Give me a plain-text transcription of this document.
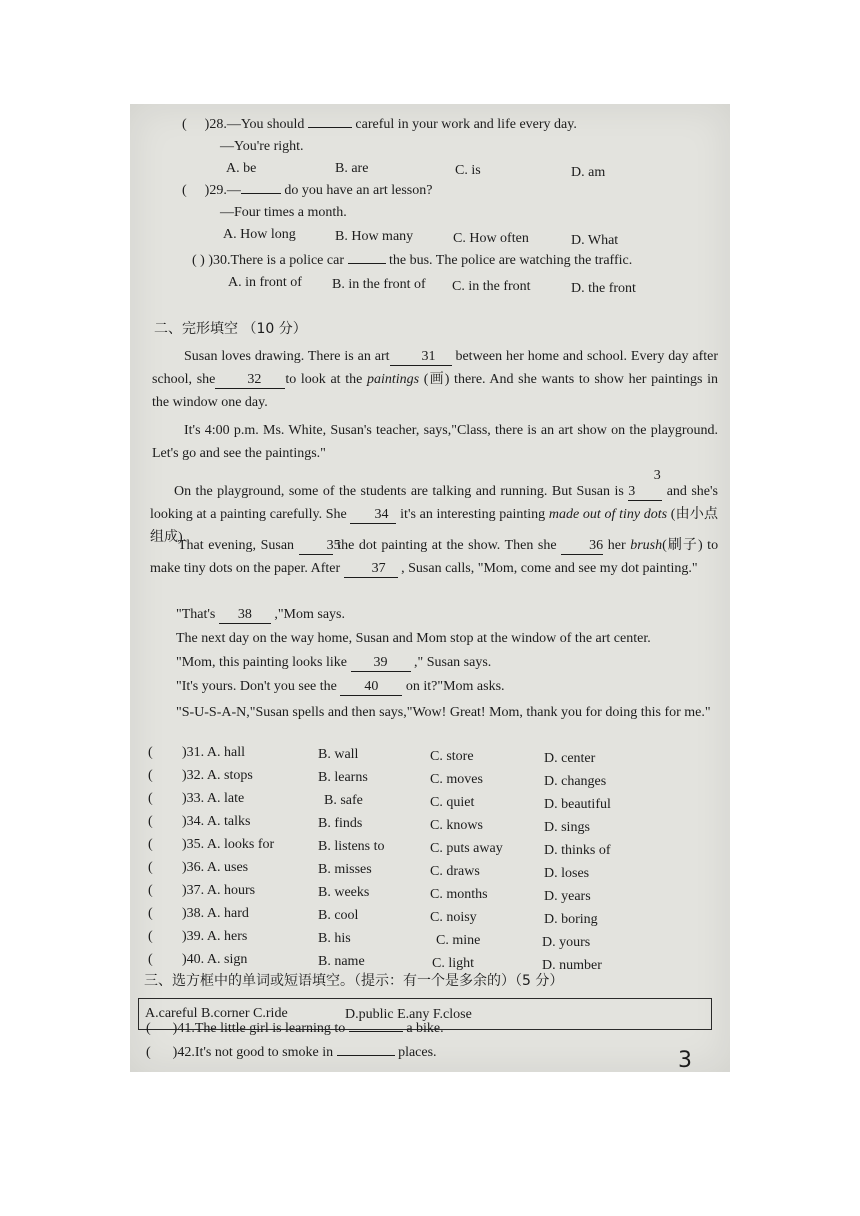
( )28.—You should	careful in your work and life every day.
—You're right.
A. be	B. are	C. is	D. am
( )29.—	do you have an art lesson?
—Four times a month.
A. How long	B. How many	C. How often	D. What
( ) )30.There is a police car	the bus. The police are watching the traffic.
A. in front of B. in the front of C. in the front	D. the front
二、完形填空 （10 分）
Susan loves drawing. There is an art 31 between her home and school. Every day after school, she 32 to look at the paintings (画) there. And she wants to show her paintings in the window one day.
It's 4:00 p.m. Ms. White, Susan's teacher, says,"Class, there is an art show on the playground. Let's go and see the paintings."
On the playground, some of the students are talking and running. But Susan is 3 3 and she's looking at a painting carefully. She 34 it's an interesting painting made out of tiny dots (由小点组成).
That evening, Susan 35 the dot painting at the show. Then she 36 her brush(刷子) to make tiny dots on the paper. After 37 , Susan calls, "Mom, come and see my dot painting."
"That's 38 ,"Mom says.
The next day on the way home, Susan and Mom stop at the window of the art center.
"Mom, this painting looks like 39 ," Susan says.
"It's yours. Don't you see the 40 on it?"Mom asks.
"S-U-S-A-N,"Susan spells and then says,"Wow! Great! Mom, thank you for doing this for me."
( )31. A. hall	B. wall	C. store	D. center
( )32. A. stops	B. learns	C. moves	D. changes
( )33. A. late	B. safe	C. quiet	D. beautiful
( )34. A. talks	B. finds	C. knows	D. sings
( )35. A. looks for	B. listens to	C. puts away	D. thinks of
( )36. A. uses	B. misses	C. draws	D. loses
( )37. A. hours	B. weeks	C. months	D. years
( )38. A. hard	B. cool	C. noisy	D. boring
( )39. A. hers	B. his	C. mine	D. yours
( )40. A. sign	B. name	C. light	D. number
三、选方框中的单词或短语填空。（提示：有一个是多余的）（5 分）
A.careful B.corner C.ride	D.public E.any F.close
( )41.The little girl is learning to	a bike.
( )42.It's not good to smoke in	places.	3
